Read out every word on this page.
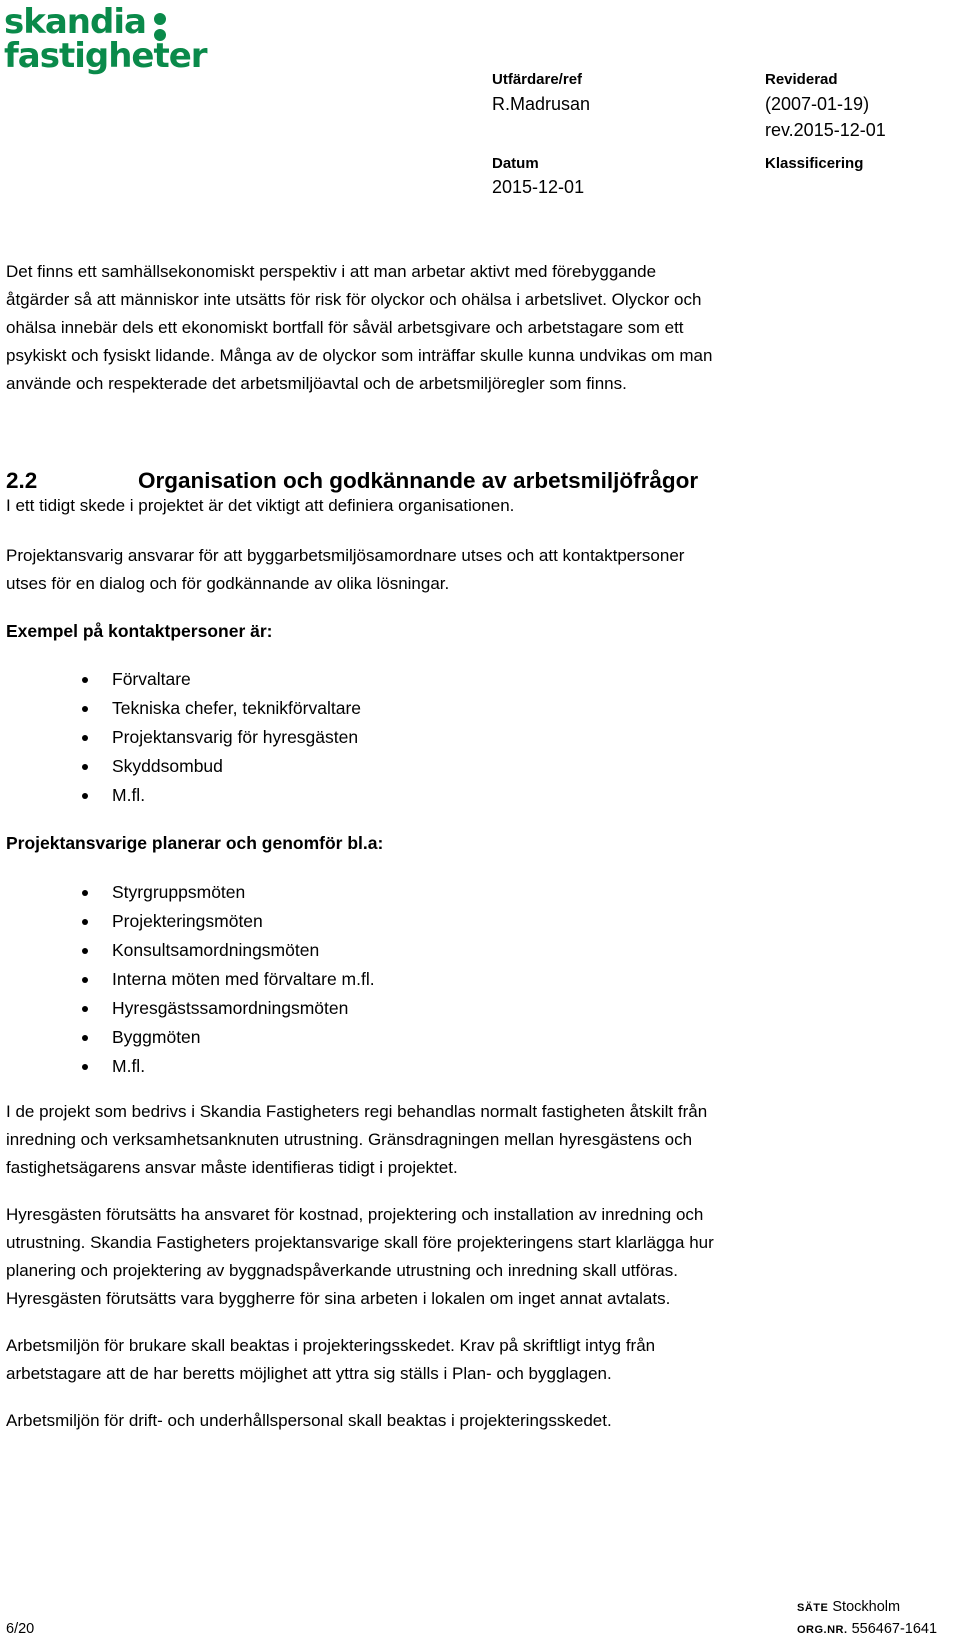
skandia
fastigheter
Utfärdare/ref
R.Madrusan
Reviderad
(2007-01-19)
rev.2015-12-01
Datum
2015-12-01
Klassificering
Det finns ett samhällsekonomiskt perspektiv i att man arbetar aktivt med förebyggande
åtgärder så att människor inte utsätts för risk för olyckor och ohälsa i arbetslivet. Olyckor och
ohälsa innebär dels ett ekonomiskt bortfall för såväl arbetsgivare och arbetstagare som ett
psykiskt och fysiskt lidande. Många av de olyckor som inträffar skulle kunna undvikas om man
använde och respekterade det arbetsmiljöavtal och de arbetsmiljöregler som finns.
2.2	Organisation och godkännande av arbetsmiljöfrågor
I ett tidigt skede i projektet är det viktigt att definiera organisationen.
Projektansvarig ansvarar för att byggarbetsmiljösamordnare utses och att kontaktpersoner
utses för en dialog och för godkännande av olika lösningar.
Exempel på kontaktpersoner är:
Förvaltare
Tekniska chefer, teknikförvaltare
Projektansvarig för hyresgästen
Skyddsombud
M.fl.
Projektansvarige planerar och genomför bl.a:
Styrgruppsmöten
Projekteringsmöten
Konsultsamordningsmöten
Interna möten med förvaltare m.fl.
Hyresgästssamordningsmöten
Byggmöten
M.fl.
I de projekt som bedrivs i Skandia Fastigheters regi behandlas normalt fastigheten åtskilt från
inredning och verksamhetsanknuten utrustning. Gränsdragningen mellan hyresgästens och
fastighetsägarens ansvar måste identifieras tidigt i projektet.
Hyresgästen förutsätts ha ansvaret för kostnad, projektering och installation av inredning och
utrustning. Skandia Fastigheters projektansvarige skall före projekteringens start klarlägga hur
planering och projektering av byggnadspåverkande utrustning och inredning skall utföras.
Hyresgästen förutsätts vara byggherre för sina arbeten i lokalen om inget annat avtalats.
Arbetsmiljön för brukare skall beaktas i projekteringsskedet. Krav på skriftligt intyg från
arbetstagare att de har beretts möjlighet att yttra sig ställs i Plan- och bygglagen.
Arbetsmiljön för drift- och underhållspersonal skall beaktas i projekteringsskedet.
6/20
SÄTE Stockholm
ORG.NR. 556467-1641
